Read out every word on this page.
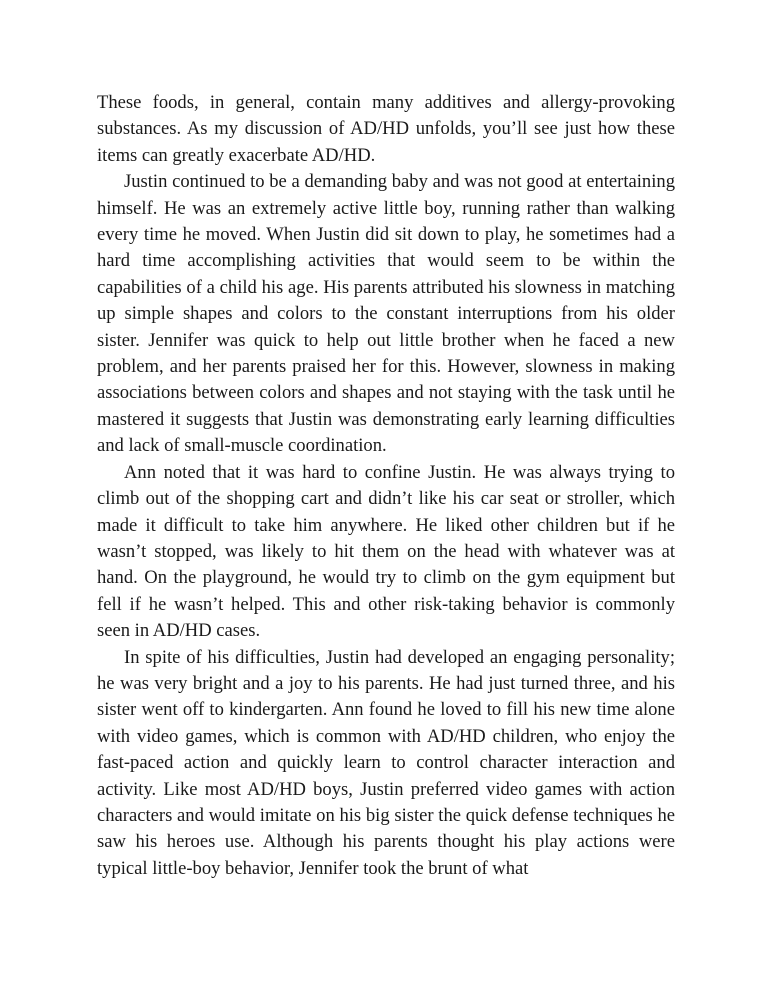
These foods, in general, contain many additives and allergy-provoking substances. As my discussion of AD/HD unfolds, you’ll see just how these items can greatly exacerbate AD/HD.

Justin continued to be a demanding baby and was not good at entertaining himself. He was an extremely active little boy, running rather than walking every time he moved. When Justin did sit down to play, he sometimes had a hard time accomplishing activities that would seem to be within the capabilities of a child his age. His parents attributed his slowness in matching up simple shapes and colors to the constant interruptions from his older sister. Jennifer was quick to help out little brother when he faced a new problem, and her parents praised her for this. However, slowness in making associations between colors and shapes and not staying with the task until he mastered it suggests that Justin was demonstrating early learning difficulties and lack of small-muscle coordination.

Ann noted that it was hard to confine Justin. He was always trying to climb out of the shopping cart and didn’t like his car seat or stroller, which made it difficult to take him anywhere. He liked other children but if he wasn’t stopped, was likely to hit them on the head with whatever was at hand. On the playground, he would try to climb on the gym equipment but fell if he wasn’t helped. This and other risk-taking behavior is commonly seen in AD/HD cases.

In spite of his difficulties, Justin had developed an engaging personality; he was very bright and a joy to his parents. He had just turned three, and his sister went off to kindergarten. Ann found he loved to fill his new time alone with video games, which is common with AD/HD children, who enjoy the fast-paced action and quickly learn to control character interaction and activity. Like most AD/HD boys, Justin preferred video games with action characters and would imitate on his big sister the quick defense techniques he saw his heroes use. Although his parents thought his play actions were typical little-boy behavior, Jennifer took the brunt of what
